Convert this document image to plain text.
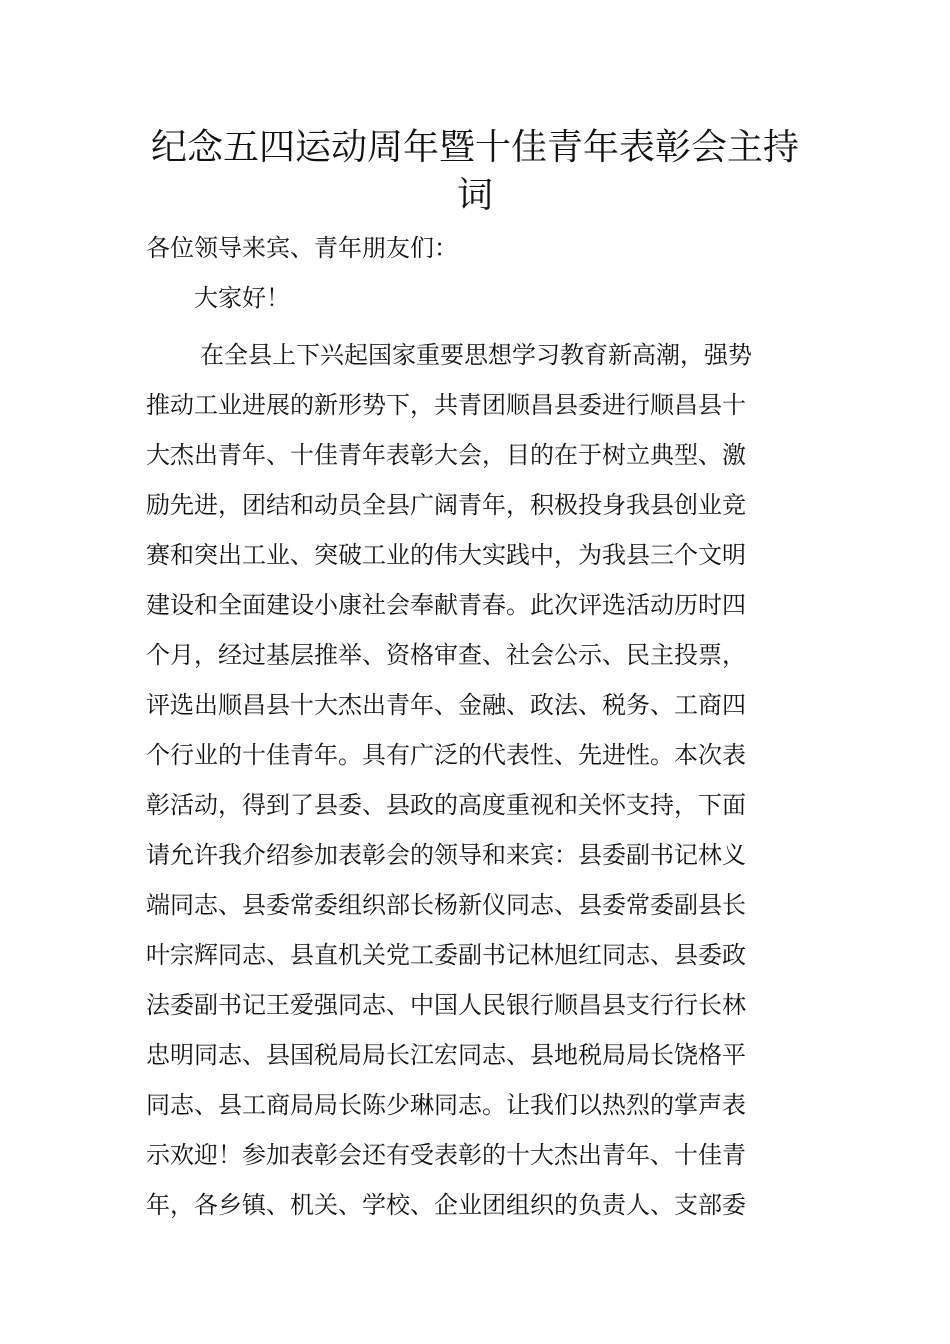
纪念五四运动周年暨十佳青年表彰会主持
词

各位领导来宾、青年朋友们：

大家好！

在全县上下兴起国家重要思想学习教育新高潮，强势
推动工业进展的新形势下，共青团顺昌县委进行顺昌县十
大杰出青年、十佳青年表彰大会，目的在于树立典型、激
励先进，团结和动员全县广阔青年，积极投身我县创业竞
赛和突出工业、突破工业的伟大实践中，为我县三个文明
建设和全面建设小康社会奉献青春。此次评选活动历时四
个月，经过基层推举、资格审查、社会公示、民主投票，
评选出顺昌县十大杰出青年、金融、政法、税务、工商四
个行业的十佳青年。具有广泛的代表性、先进性。本次表
彰活动，得到了县委、县政的高度重视和关怀支持，下面
请允许我介绍参加表彰会的领导和来宾：县委副书记林义
端同志、县委常委组织部长杨新仪同志、县委常委副县长
叶宗辉同志、县直机关党工委副书记林旭红同志、县委政
法委副书记王爱强同志、中国人民银行顺昌县支行行长林
忠明同志、县国税局局长江宏同志、县地税局局长饶格平
同志、县工商局局长陈少琳同志。让我们以热烈的掌声表
示欢迎！参加表彰会还有受表彰的十大杰出青年、十佳青
年，各乡镇、机关、学校、企业团组织的负责人、支部委
